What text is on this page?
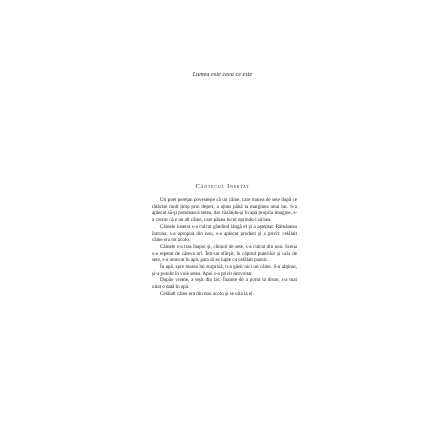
Lumea este ceea ce este
Cântecul Insetat

Un poet pereţan povesteşte că un câine, care murea de sete după ce rătăcise mult timp prin deşert, a ajuns până la marginea unui lac. S-a aplecat să-şi potolească setea, dar văzându-şi în apă propria imagine, s-a crezut că e un alt câine, care păzea locul oprindu-l să bea.

Câinele insetat s-a culcat gândind lângă el şi a aşteptat. Rămâneau întruna, s-a apropiat din nou, s-a aplecat prudent şi a privit: celălalt câine era tot acolo.

Câinele s-a tras înapoi şi, chinuit de sete, s-a culcat din nou. Scena s-a repetat de câteva ori. Într-un sfârşit, în căpitul puterilor şi ucis de sete, s-a aruncat în apă, gata să se lupte cu celălalt paznic.

În apă, spre marea lui surpriză, n-a găsit nici un câine. S-a abţinut, şi-a potolit în voie setea. Apoi s-a privit dezvoltat.

Dupăo vreme, a ieşit din lac. Înainte de a porni la drum, s-a mai uitat o dată în apă.

Celălalt câine era din nou acolo şi se uita la el.
